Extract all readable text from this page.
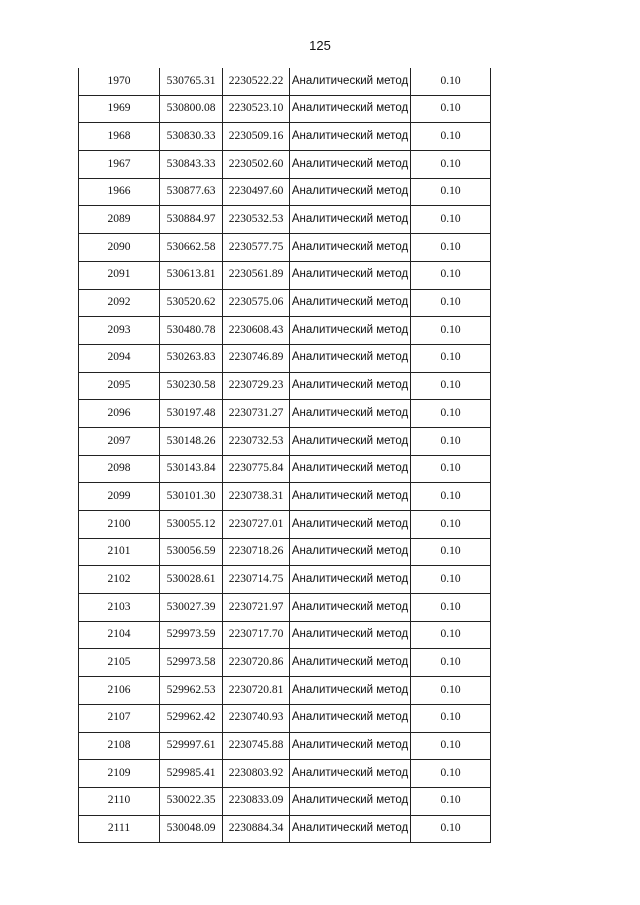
125
1970	530765.31	2230522.22	Аналитический метод	0.10
1969	530800.08	2230523.10	Аналитический метод	0.10
1968	530830.33	2230509.16	Аналитический метод	0.10
1967	530843.33	2230502.60	Аналитический метод	0.10
1966	530877.63	2230497.60	Аналитический метод	0.10
2089	530884.97	2230532.53	Аналитический метод	0.10
2090	530662.58	2230577.75	Аналитический метод	0.10
2091	530613.81	2230561.89	Аналитический метод	0.10
2092	530520.62	2230575.06	Аналитический метод	0.10
2093	530480.78	2230608.43	Аналитический метод	0.10
2094	530263.83	2230746.89	Аналитический метод	0.10
2095	530230.58	2230729.23	Аналитический метод	0.10
2096	530197.48	2230731.27	Аналитический метод	0.10
2097	530148.26	2230732.53	Аналитический метод	0.10
2098	530143.84	2230775.84	Аналитический метод	0.10
2099	530101.30	2230738.31	Аналитический метод	0.10
2100	530055.12	2230727.01	Аналитический метод	0.10
2101	530056.59	2230718.26	Аналитический метод	0.10
2102	530028.61	2230714.75	Аналитический метод	0.10
2103	530027.39	2230721.97	Аналитический метод	0.10
2104	529973.59	2230717.70	Аналитический метод	0.10
2105	529973.58	2230720.86	Аналитический метод	0.10
2106	529962.53	2230720.81	Аналитический метод	0.10
2107	529962.42	2230740.93	Аналитический метод	0.10
2108	529997.61	2230745.88	Аналитический метод	0.10
2109	529985.41	2230803.92	Аналитический метод	0.10
2110	530022.35	2230833.09	Аналитический метод	0.10
2111	530048.09	2230884.34	Аналитический метод	0.10
